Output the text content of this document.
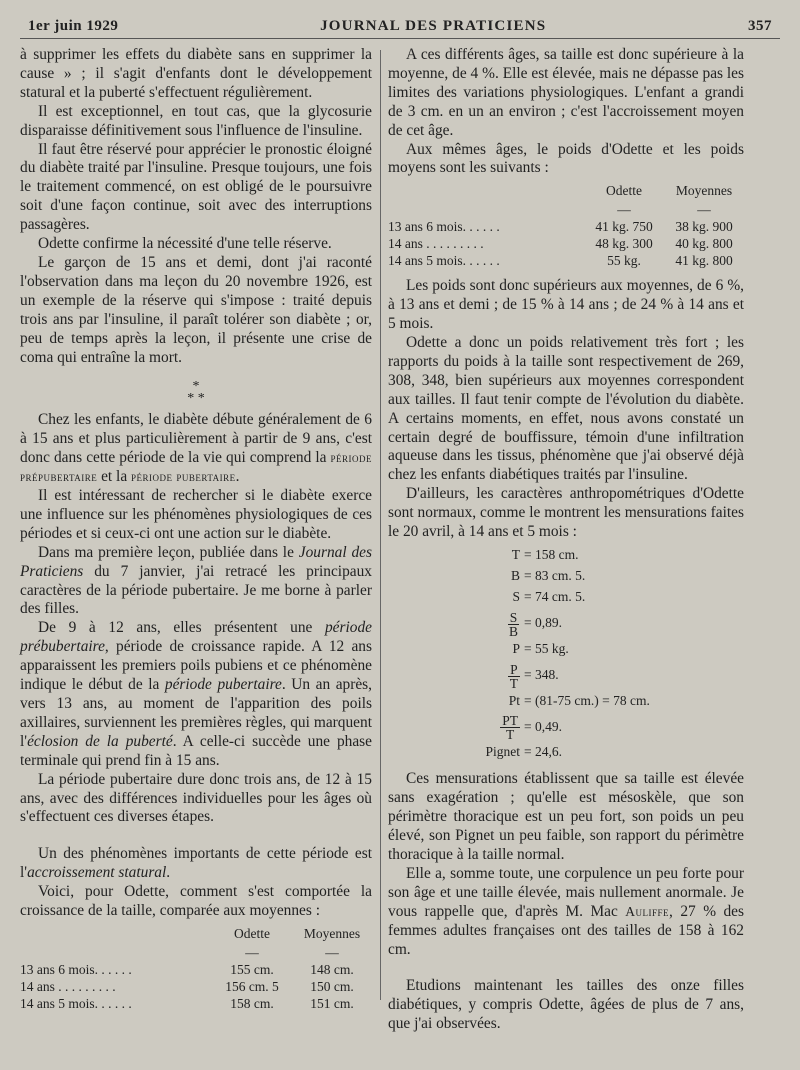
1er juin 1929	JOURNAL DES PRATICIENS	357

à supprimer les effets du diabète sans en supprimer la cause » ; il s'agit d'enfants dont le développement statural et la puberté s'effectuent régulièrement.

Il est exceptionnel, en tout cas, que la glycosurie disparaisse définitivement sous l'influence de l'insuline.

Il faut être réservé pour apprécier le pronostic éloigné du diabète traité par l'insuline. Presque toujours, une fois le traitement commencé, on est obligé de le poursuivre soit d'une façon continue, soit avec des interruptions passagères.

Odette confirme la nécessité d'une telle réserve.

Le garçon de 15 ans et demi, dont j'ai raconté l'observation dans ma leçon du 20 novembre 1926, est un exemple de la réserve qui s'impose : traité depuis trois ans par l'insuline, il paraît tolérer son diabète ; or, peu de temps après la leçon, il présente une crise de coma qui entraîne la mort.

*
* *

Chez les enfants, le diabète débute généralement de 6 à 15 ans et plus particulièrement à partir de 9 ans, c'est donc dans cette période de la vie qui comprend la période prépubertaire et la période pubertaire.

Il est intéressant de rechercher si le diabète exerce une influence sur les phénomènes physiologiques de ces périodes et si ceux-ci ont une action sur le diabète.

Dans ma première leçon, publiée dans le Journal des Praticiens du 7 janvier, j'ai retracé les principaux caractères de la période pubertaire. Je me borne à parler des filles.

De 9 à 12 ans, elles présentent une période prébubertaire, période de croissance rapide. A 12 ans apparaissent les premiers poils pubiens et ce phénomène indique le début de la période pubertaire. Un an après, vers 13 ans, au moment de l'apparition des poils axillaires, surviennent les premières règles, qui marquent l'éclosion de la puberté. A celle-ci succède une phase terminale qui prend fin à 15 ans.

La période pubertaire dure donc trois ans, de 12 à 15 ans, avec des différences individuelles pour les âges où s'effectuent ces diverses étapes.

Un des phénomènes importants de cette période est l'accroissement statural.

Voici, pour Odette, comment s'est comportée la croissance de la taille, comparée aux moyennes :

	Odette	Moyennes
	—	—
13 ans 6 mois. . . . . .	155 cm.	148 cm.
14 ans . . . . . . . . .	156 cm. 5	150 cm.
14 ans 5 mois. . . . . .	158 cm.	151 cm.

A ces différents âges, sa taille est donc supérieure à la moyenne, de 4 %. Elle est élevée, mais ne dépasse pas les limites des variations physiologiques. L'enfant a grandi de 3 cm. en un an environ ; c'est l'accroissement moyen de cet âge.

Aux mêmes âges, le poids d'Odette et les poids moyens sont les suivants :

	Odette	Moyennes
	—	—
13 ans 6 mois. . . . . .	41 kg. 750	38 kg. 900
14 ans . . . . . . . . .	48 kg. 300	40 kg. 800
14 ans 5 mois. . . . . .	55 kg.	41 kg. 800

Les poids sont donc supérieurs aux moyennes, de 6 %, à 13 ans et demi ; de 15 % à 14 ans ; de 24 % à 14 ans et 5 mois.

Odette a donc un poids relativement très fort ; les rapports du poids à la taille sont respectivement de 269, 308, 348, bien supérieurs aux moyennes correspondent aux tailles. Il faut tenir compte de l'évolution du diabète. A certains moments, en effet, nous avons constaté un certain degré de bouffissure, témoin d'une infiltration aqueuse dans les tissus, phénomène que j'ai observé déjà chez les enfants diabétiques traités par l'insuline.

D'ailleurs, les caractères anthropométriques d'Odette sont normaux, comme le montrent les mensurations faites le 20 avril, à 14 ans et 5 mois :

T = 158 cm.
B = 83 cm. 5.
S = 74 cm. 5.
$\frac{S}{B} = 0,89$.
P = 55 kg.
$\frac{P}{T} = 348$.
Pt = (81-75 cm.) = 78 cm.
$\frac{PT}{T} = 0,49$.
Pignet = 24,6.

Ces mensurations établissent que sa taille est élevée sans exagération ; qu'elle est mésoskèle, que son périmètre thoracique est un peu fort, son poids un peu élevé, son Pignet un peu faible, son rapport du périmètre thoracique à la taille normal.

Elle a, somme toute, une corpulence un peu forte pour son âge et une taille élevée, mais nullement anormale. Je vous rappelle que, d'après M. Mac Auliffe, 27 % des femmes adultes françaises ont des tailles de 158 à 162 cm.

Etudions maintenant les tailles des onze filles diabétiques, y compris Odette, âgées de plus de 7 ans, que j'ai observées.
